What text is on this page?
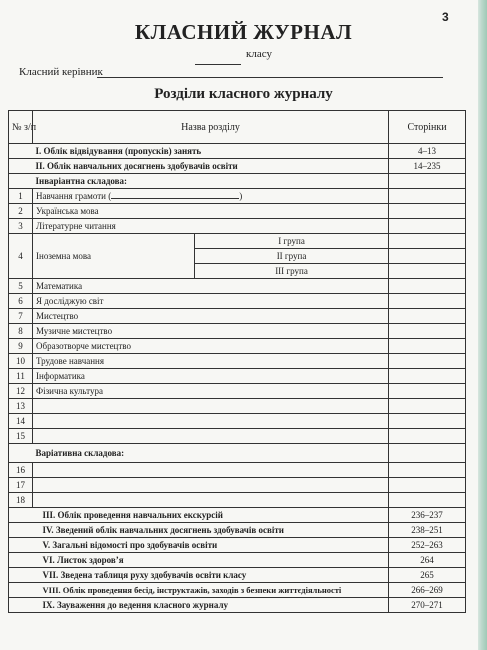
3
КЛАСНИЙ ЖУРНАЛ
класу
Класний керівник
Розділи класного журналу
№ з/п	Назва розділу		Сторінки
	І. Облік відвідування (пропусків) занять		4–13
	ІІ. Облік навчальних досягнень здобувачів освіти		14–235
	Інваріантна складова:		
1	Навчання грамоти ( )		
2	Українська мова		
3	Літературне читання		
4	Іноземна мова	І група	
		ІІ група	
		ІІІ група	
5	Математика		
6	Я досліджую світ		
7	Мистецтво		
8	Музичне мистецтво		
9	Образотворче мистецтво		
10	Трудове навчання		
11	Інформатика		
12	Фізична культура		
13			
14			
15			
	Варіативна складова:		
16			
17			
18			
	ІІІ. Облік проведення навчальних екскурсій		236–237
	IV. Зведений облік навчальних досягнень здобувачів освіти		238–251
	V. Загальні відомості про здобувачів освіти		252–263
	VI. Листок здоров’я		264
	VII. Зведена таблиця руху здобувачів освіти класу		265
	VIII. Облік проведення бесід, інструктажів, заходів з безпеки життєдіяльності		266–269
	IX. Зауваження до ведення класного журналу		270–271
